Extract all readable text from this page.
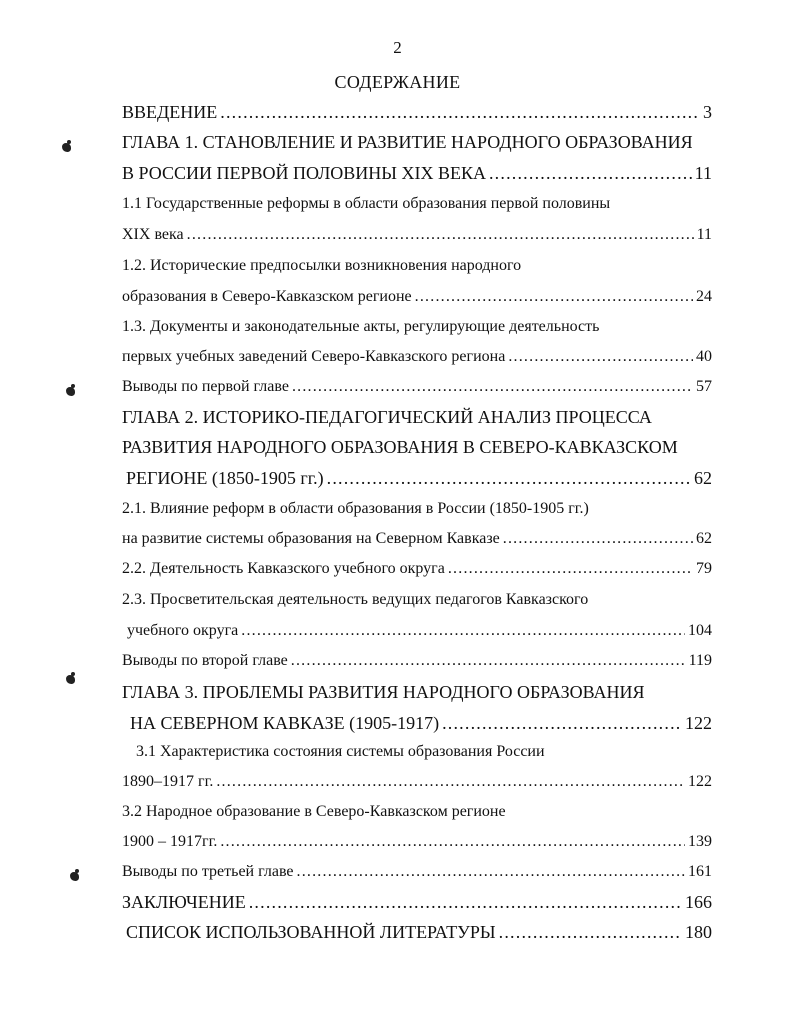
2
СОДЕРЖАНИЕ
ВВЕДЕНИЕ .....	3
ГЛАВА 1. СТАНОВЛЕНИЕ И РАЗВИТИЕ НАРОДНОГО ОБРАЗОВАНИЯ
В РОССИИ ПЕРВОЙ ПОЛОВИНЫ XIX ВЕКА .....	11
1.1 Государственные реформы в области образования первой половины
XIX века .....	11
1.2. Исторические предпосылки возникновения народного
образования в Северо-Кавказском регионе .....	24
1.3. Документы и законодательные акты, регулирующие деятельность
первых учебных заведений Северо-Кавказского региона .....	40
Выводы по первой главе .....	57
ГЛАВА 2. ИСТОРИКО-ПЕДАГОГИЧЕСКИЙ АНАЛИЗ ПРОЦЕССА
РАЗВИТИЯ НАРОДНОГО ОБРАЗОВАНИЯ В СЕВЕРО-КАВКАЗСКОМ
РЕГИОНЕ (1850-1905 гг.) .....	62
2.1. Влияние реформ в области образования в России (1850-1905 гг.)
на развитие системы образования на Северном Кавказе .....	62
2.2. Деятельность Кавказского учебного округа .....	79
2.3. Просветительская деятельность ведущих педагогов Кавказского
учебного округа .....	104
Выводы по второй главе .....	119
ГЛАВА 3. ПРОБЛЕМЫ РАЗВИТИЯ НАРОДНОГО ОБРАЗОВАНИЯ
НА СЕВЕРНОМ КАВКАЗЕ (1905-1917) .....	122
3.1 Характеристика состояния системы образования России
1890–1917 гг. .....	122
3.2 Народное образование в Северо-Кавказском регионе
1900 – 1917гг. .....	139
Выводы по третьей главе .....	161
ЗАКЛЮЧЕНИЕ .....	166
СПИСОК ИСПОЛЬЗОВАННОЙ ЛИТЕРАТУРЫ .....	180
